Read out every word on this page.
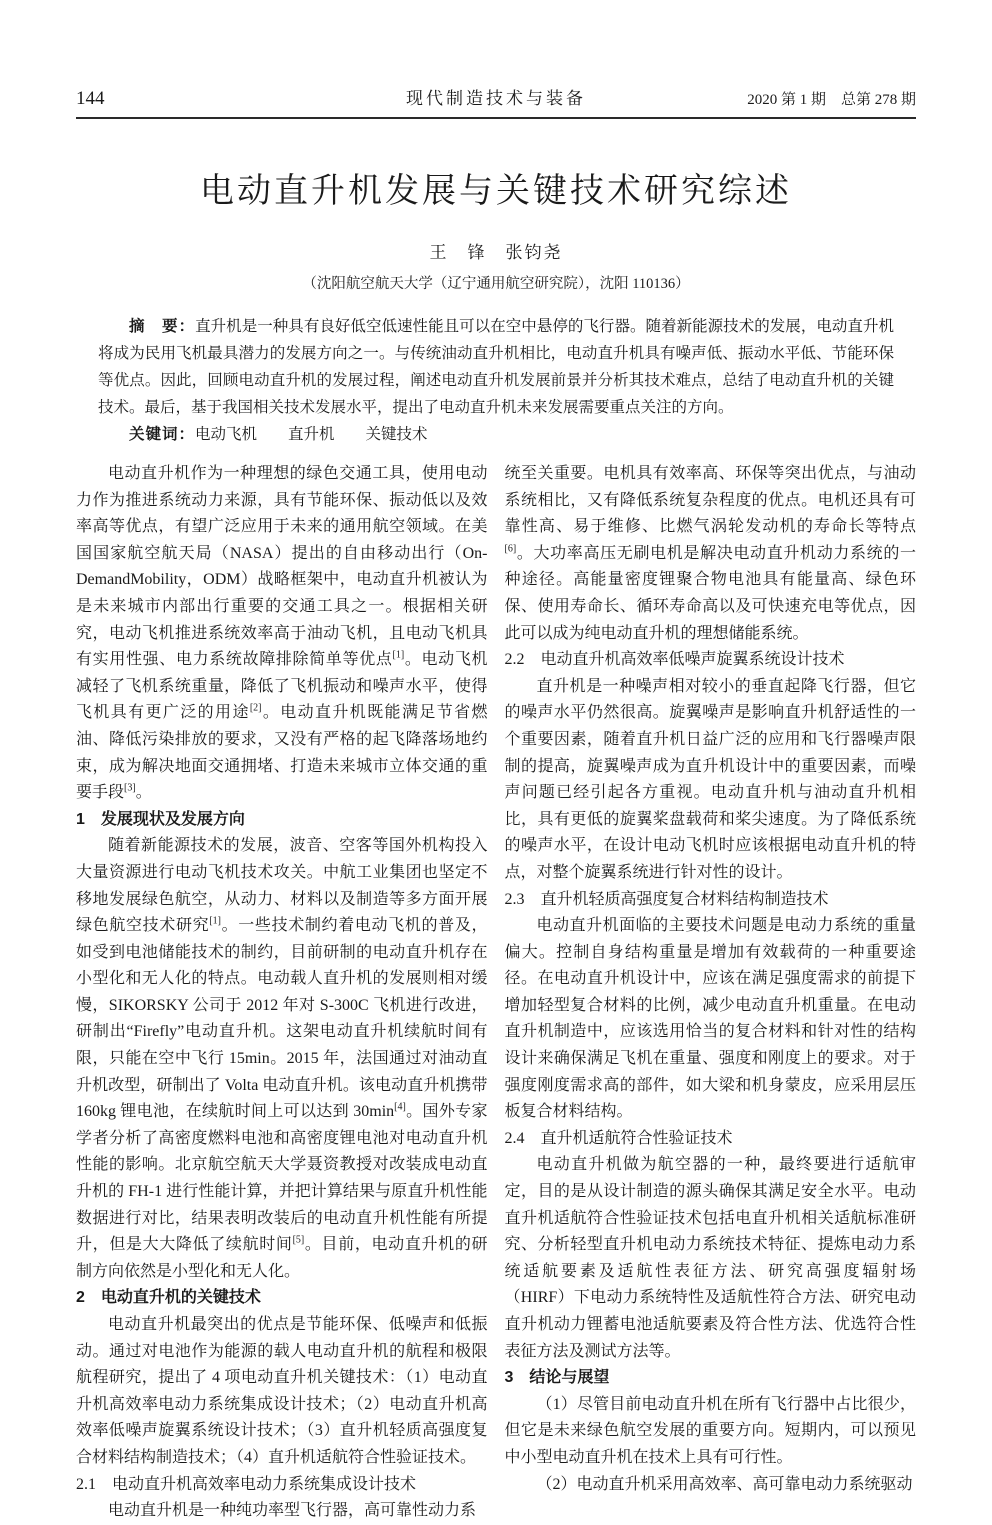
144	现代制造技术与装备	2020 第 1 期　总第 278 期
电动直升机发展与关键技术研究综述
王　锋　张钧尧
（沈阳航空航天大学（辽宁通用航空研究院），沈阳 110136）

摘　要：直升机是一种具有良好低空低速性能且可以在空中悬停的飞行器。随着新能源技术的发展，电动直升机将成为民用飞机最具潜力的发展方向之一。与传统油动直升机相比，电动直升机具有噪声低、振动水平低、节能环保等优点。因此，回顾电动直升机的发展过程，阐述电动直升机发展前景并分析其技术难点，总结了电动直升机的关键技术。最后，基于我国相关技术发展水平，提出了电动直升机未来发展需要重点关注的方向。

关键词：电动飞机　　直升机　　关键技术

电动直升机作为一种理想的绿色交通工具，使用电动力作为推进系统动力来源，具有节能环保、振动低以及效率高等优点，有望广泛应用于未来的通用航空领域。在美国国家航空航天局（NASA）提出的自由移动出行（On-DemandMobility，ODM）战略框架中，电动直升机被认为是未来城市内部出行重要的交通工具之一。根据相关研究，电动飞机推进系统效率高于油动飞机，且电动飞机具有实用性强、电力系统故障排除简单等优点[1]。电动飞机减轻了飞机系统重量，降低了飞机振动和噪声水平，使得飞机具有更广泛的用途[2]。电动直升机既能满足节省燃油、降低污染排放的要求，又没有严格的起飞降落场地约束，成为解决地面交通拥堵、打造未来城市立体交通的重要手段[3]。
1　发展现状及发展方向
随着新能源技术的发展，波音、空客等国外机构投入大量资源进行电动飞机技术攻关。中航工业集团也坚定不移地发展绿色航空，从动力、材料以及制造等多方面开展绿色航空技术研究[1]。一些技术制约着电动飞机的普及，如受到电池储能技术的制约，目前研制的电动直升机存在小型化和无人化的特点。电动载人直升机的发展则相对缓慢，SIKORSKY 公司于 2012 年对 S-300C 飞机进行改进，研制出“Firefly”电动直升机。这架电动直升机续航时间有限，只能在空中飞行 15min。2015 年，法国通过对油动直升机改型，研制出了 Volta 电动直升机。该电动直升机携带 160kg 锂电池，在续航时间上可以达到 30min[4]。国外专家学者分析了高密度燃料电池和高密度锂电池对电动直升机性能的影响。北京航空航天大学聂资教授对改装成电动直升机的 FH-1 进行性能计算，并把计算结果与原直升机性能数据进行对比，结果表明改装后的电动直升机性能有所提升，但是大大降低了续航时间[5]。目前，电动直升机的研制方向依然是小型化和无人化。
2　电动直升机的关键技术
电动直升机最突出的优点是节能环保、低噪声和低振动。通过对电池作为能源的载人电动直升机的航程和极限航程研究，提出了 4 项电动直升机关键技术：（1）电动直升机高效率电动力系统集成设计技术；（2）电动直升机高效率低噪声旋翼系统设计技术；（3）直升机轻质高强度复合材料结构制造技术；（4）直升机适航符合性验证技术。
2.1　电动直升机高效率电动力系统集成设计技术
电动直升机是一种纯功率型飞行器，高可靠性动力系
统至关重要。电机具有效率高、环保等突出优点，与油动系统相比，又有降低系统复杂程度的优点。电机还具有可靠性高、易于维修、比燃气涡轮发动机的寿命长等特点[6]。大功率高压无刷电机是解决电动直升机动力系统的一种途径。高能量密度锂聚合物电池具有能量高、绿色环保、使用寿命长、循环寿命高以及可快速充电等优点，因此可以成为纯电动直升机的理想储能系统。
2.2　电动直升机高效率低噪声旋翼系统设计技术
直升机是一种噪声相对较小的垂直起降飞行器，但它的噪声水平仍然很高。旋翼噪声是影响直升机舒适性的一个重要因素，随着直升机日益广泛的应用和飞行器噪声限制的提高，旋翼噪声成为直升机设计中的重要因素，而噪声问题已经引起各方重视。电动直升机与油动直升机相比，具有更低的旋翼桨盘载荷和桨尖速度。为了降低系统的噪声水平，在设计电动飞机时应该根据电动直升机的特点，对整个旋翼系统进行针对性的设计。
2.3　直升机轻质高强度复合材料结构制造技术
电动直升机面临的主要技术问题是电动力系统的重量偏大。控制自身结构重量是增加有效载荷的一种重要途径。在电动直升机设计中，应该在满足强度需求的前提下增加轻型复合材料的比例，减少电动直升机重量。在电动直升机制造中，应该选用恰当的复合材料和针对性的结构设计来确保满足飞机在重量、强度和刚度上的要求。对于强度刚度需求高的部件，如大梁和机身蒙皮，应采用层压板复合材料结构。
2.4　直升机适航符合性验证技术
电动直升机做为航空器的一种，最终要进行适航审定，目的是从设计制造的源头确保其满足安全水平。电动直升机适航符合性验证技术包括电直升机相关适航标准研究、分析轻型直升机电动力系统技术特征、提炼电动力系统适航要素及适航性表征方法、研究高强度辐射场（HIRF）下电动力系统特性及适航性符合方法、研究电动直升机动力锂蓄电池适航要素及符合性方法、优选符合性表征方法及测试方法等。
3　结论与展望
（1）尽管目前电动直升机在所有飞行器中占比很少，但它是未来绿色航空发展的重要方向。短期内，可以预见中小型电动直升机在技术上具有可行性。
（2）电动直升机采用高效率、高可靠电动力系统驱动
